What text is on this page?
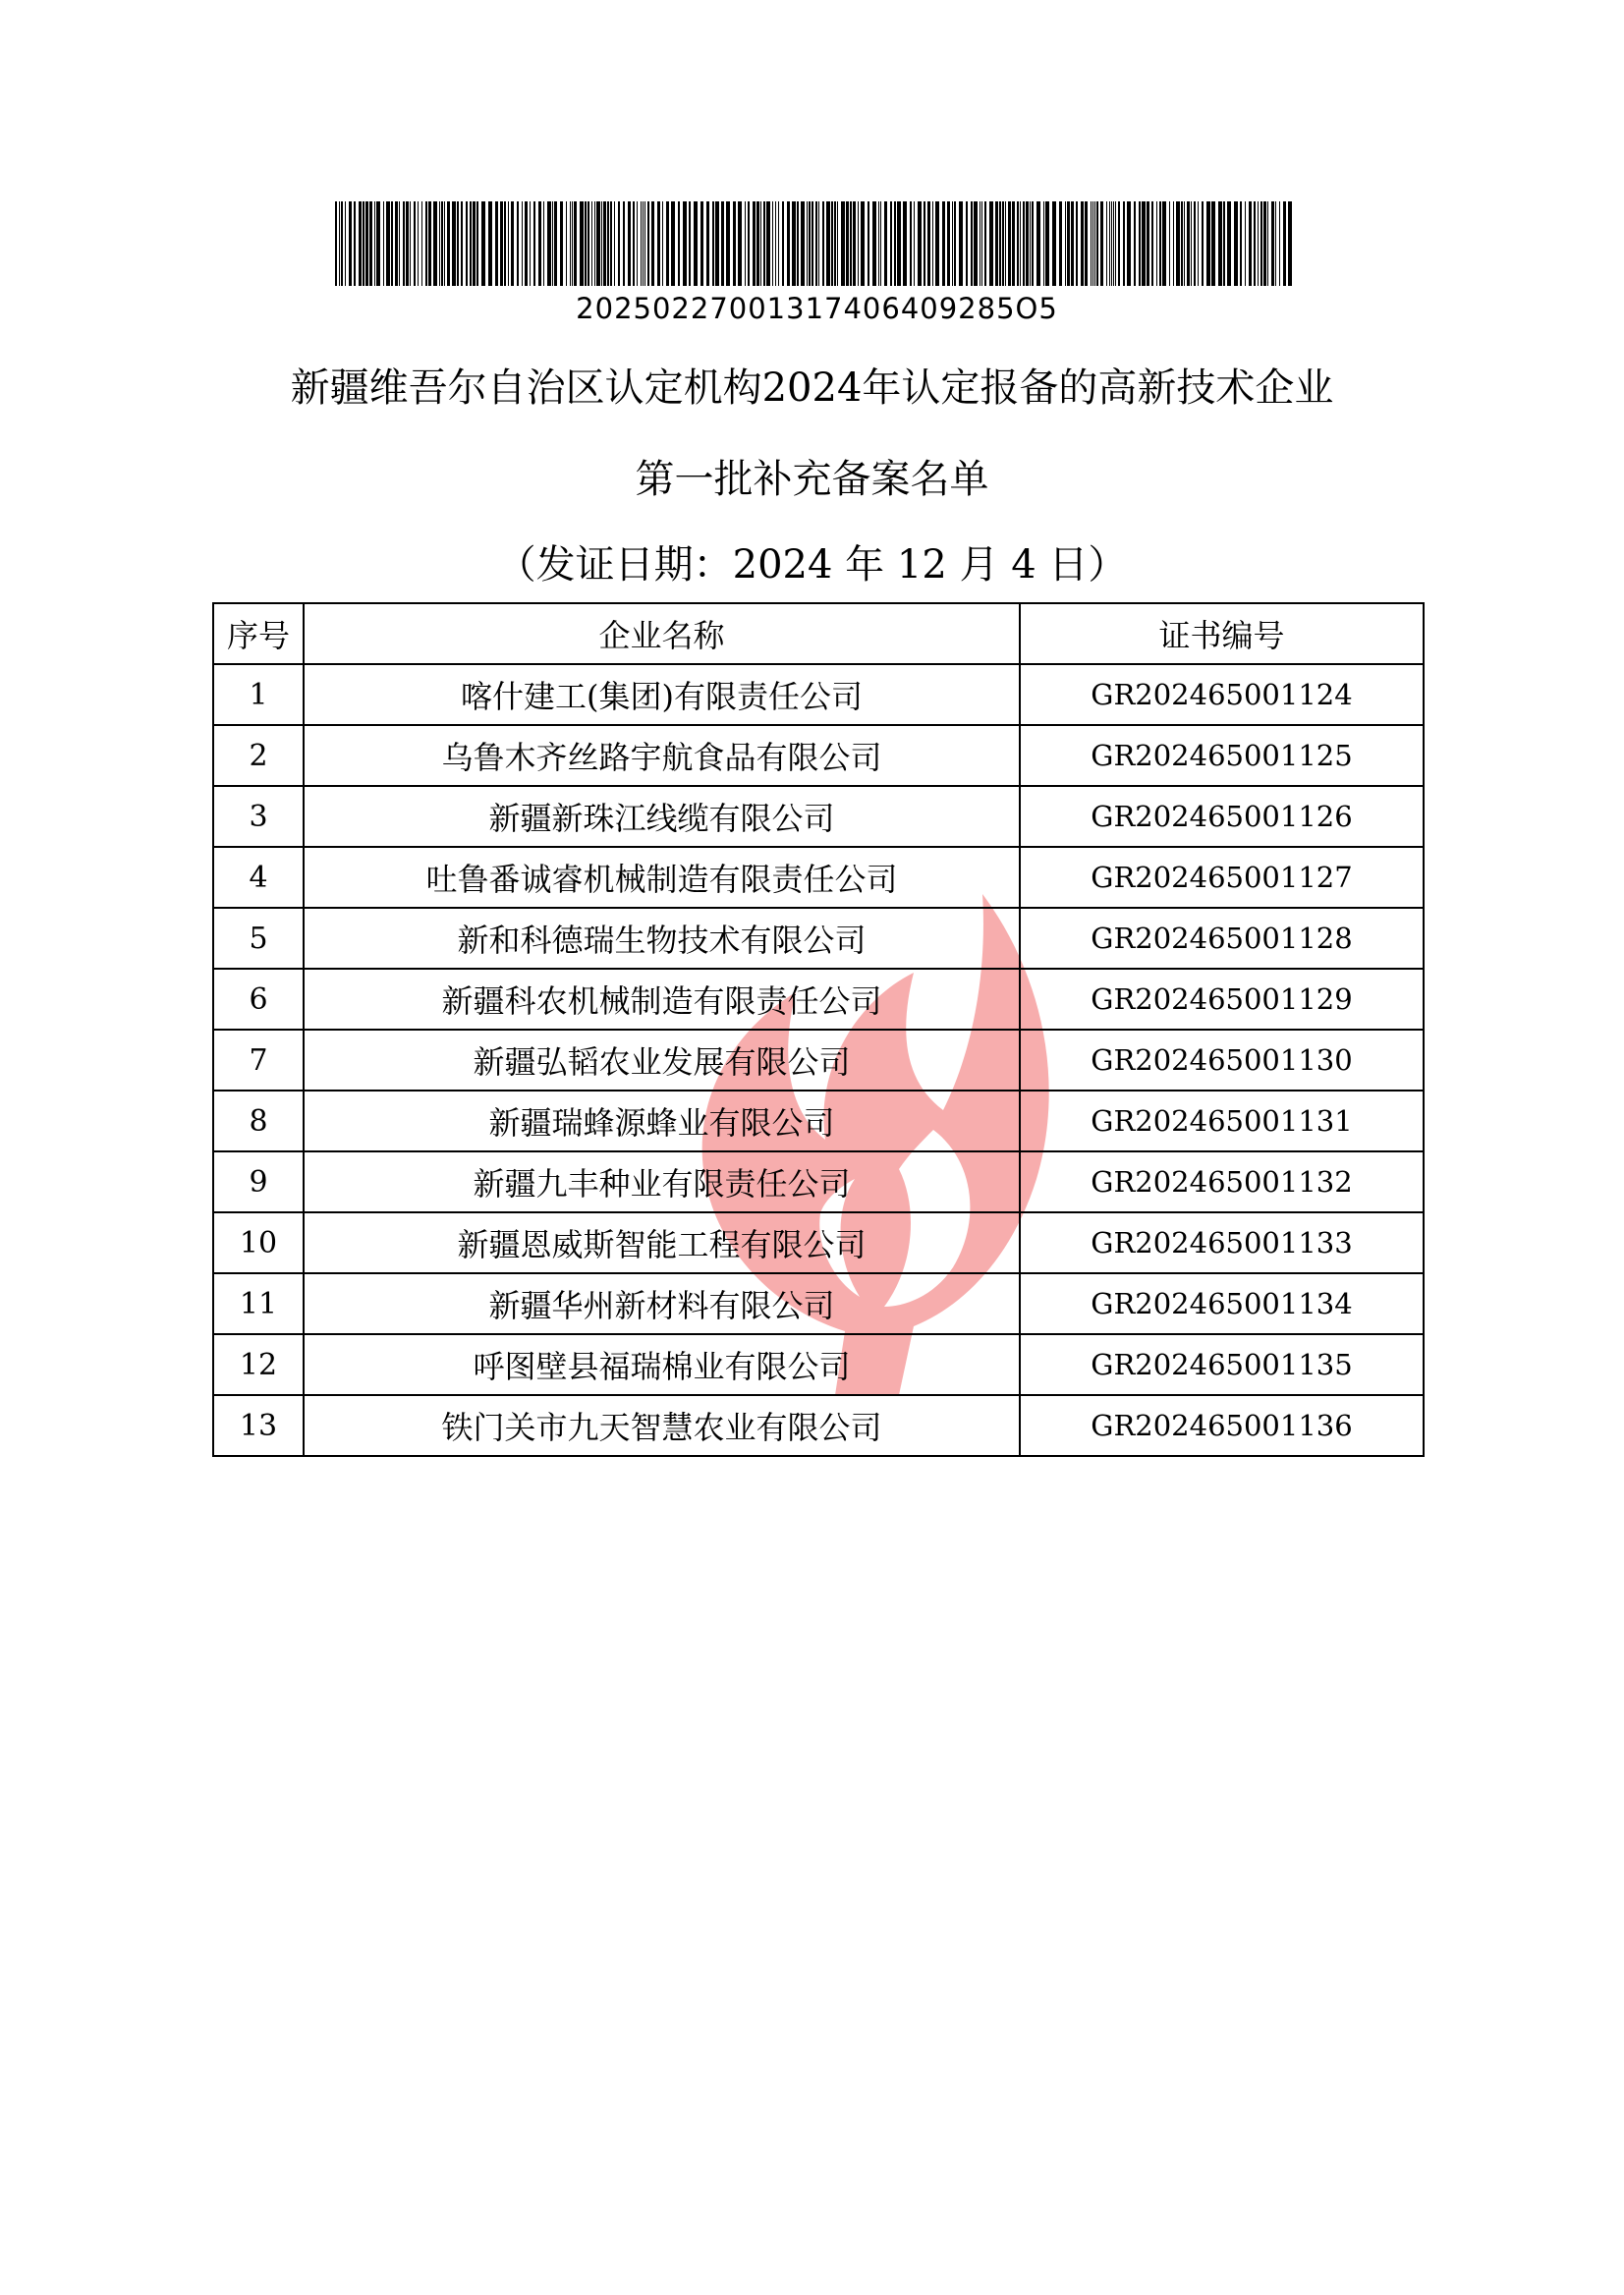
20250227001317406409285O5
新疆维吾尔自治区认定机构2024年认定报备的高新技术企业
第一批补充备案名单
（发证日期：2024 年 12 月 4 日）
序号	企业名称	证书编号
1	喀什建工(集团)有限责任公司	GR202465001124
2	乌鲁木齐丝路宇航食品有限公司	GR202465001125
3	新疆新珠江线缆有限公司	GR202465001126
4	吐鲁番诚睿机械制造有限责任公司	GR202465001127
5	新和科德瑞生物技术有限公司	GR202465001128
6	新疆科农机械制造有限责任公司	GR202465001129
7	新疆弘韬农业发展有限公司	GR202465001130
8	新疆瑞蜂源蜂业有限公司	GR202465001131
9	新疆九丰种业有限责任公司	GR202465001132
10	新疆恩威斯智能工程有限公司	GR202465001133
11	新疆华州新材料有限公司	GR202465001134
12	呼图壁县福瑞棉业有限公司	GR202465001135
13	铁门关市九天智慧农业有限公司	GR202465001136
